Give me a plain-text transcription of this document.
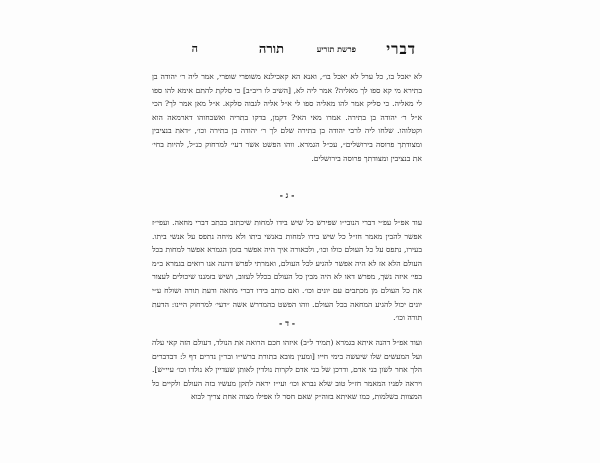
דברי
פרשת תזריע
תורה
ה
לא יאכל בו, כל ערל לא יאכל בו״, ואנא הא קאכילנא משופרי שופרי, אמר ליה ר׳ יהודה בן בתירא מי קא ספו לך מאליה? אמר ליה לא, [השיב לו ריב״ב] כי סלקת להתם אימא להו ספו לי מאליה. כי סליק אמר להו מאליה ספו לי א״ל אליה לגבוה סלקא. א״ל מאן אמר לך? הכי א״ל ר׳ יהודה בן בתירה. אמרו מאי האי? דקמן, בדקו בתריה ואשכחוהו דארמאה הוא וקטלוהו. שלחו ליה לרבי יהודה בן בתירה שלם לך ר׳ יהודה בן בתירה וכו׳, ״דאת בנציבין ומצודתך פרוסה בירושלים״, עכ״ל הגמרא. ווהו הפשט אשר דעי׳ למרחוק כנ״ל, להיות בחי׳ את בנציבין ומצודתך פרוסה בירושלים.
- ג -
עוד אפ״ל עפ״י דברי הנובי״ו שפירש כל שיש בידו למחות שיכתוב בכתב דברי מחאה. ועפי״ז אפשר להבין מאמר חז״ל כל שיש בידו למחות באנשי ביתו ולא מיחה נתפס על אנשי ביתו. בעירו, נתפס על כל העולם כולו וכו׳, ולכאורה איך היה אפשר בזמן הגמרא אפשר למחות בכל העולם הלא אז לא היה אפשר להגיע לכל העולם, ואמרתי לפרש דהנה אנו רואים בגמרא ב״מ בפי׳ איזה נשך, מפרש דאו לא היה מבין כל העולם בכלל לעזוב, ושיש בזמננו שיכולים לעצור את כל העולם מן מכתבים עם יונים וכו׳. ואם כותב בידו דברי מחאה ודעת תורה ושולח ע״י יונים יכול להגיע המחאה בכל העולם. ווהו הפשט בהמדרש אשה ״דעי׳ למרחוק היינו: הדעת תורה וכו׳.
- ד -
ועוד אפ״ל דהנה איתא בגמרא (תמיד ל״ב) איזהו חכם הרואה את הנולד, דעולם הזה קאי עלה ועל המעשים שלו שיעשה בימי חייו [ומעין מובא בתורת ברשי״ו ובר״ן נדרים דף ל: דבדברים הלך אחר לשון בני אדם, ודרכן של בני אדם לקרות נולדין לאותן שעדיין לא נולדו וכו׳ עיי״ש]. ויראה לפניו המאמר חז״ל טוב שלא נברא וכו׳ ועי״ז יראה לתקן מעשיו בזה העולם ולקיים כל המצוות בשלמות, כמו שאיתא בזוה״ק שאם חסר לו אפילו מצוה אחת צריך לבוא
